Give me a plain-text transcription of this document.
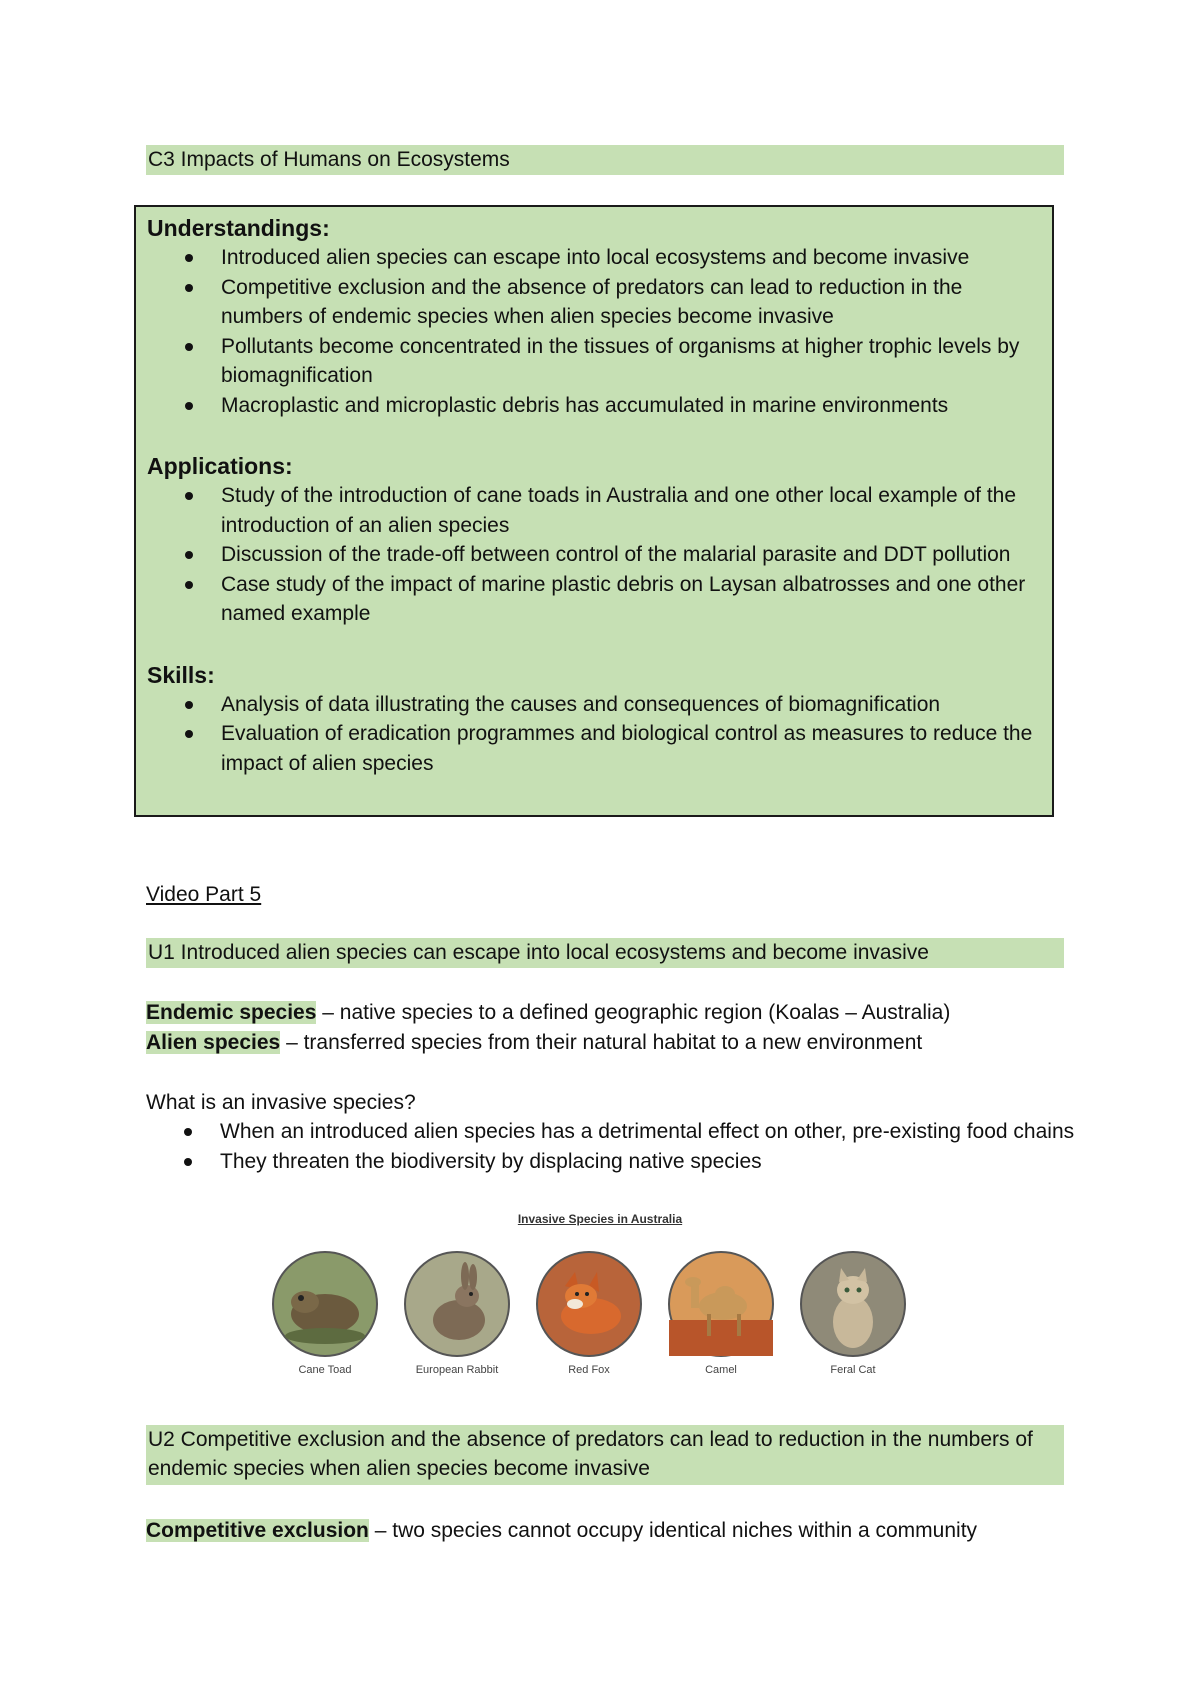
C3 Impacts of Humans on Ecosystems

Understandings:

Introduced alien species can escape into local ecosystems and become invasive
Competitive exclusion and the absence of predators can lead to reduction in the numbers of endemic species when alien species become invasive
Pollutants become concentrated in the tissues of organisms at higher trophic levels by biomagnification
Macroplastic and microplastic debris has accumulated in marine environments

Applications:

Study of the introduction of cane toads in Australia and one other local example of the introduction of an alien species
Discussion of the trade-off between control of the malarial parasite and DDT pollution
Case study of the impact of marine plastic debris on Laysan albatrosses and one other named example

Skills:

Analysis of data illustrating the causes and consequences of biomagnification
Evaluation of eradication programmes and biological control as measures to reduce the impact of alien species
Video Part 5
U1 Introduced alien species can escape into local ecosystems and become invasive
Endemic species – native species to a defined geographic region (Koalas – Australia)
Alien species – transferred species from their natural habitat to a new environment
What is an invasive species?
When an introduced alien species has a detrimental effect on other, pre-existing food chains
They threaten the biodiversity by displacing native species
Invasive Species in Australia
Cane Toad	European Rabbit	Red Fox	Camel	Feral Cat
U2 Competitive exclusion and the absence of predators can lead to reduction in the numbers of endemic species when alien species become invasive
Competitive exclusion – two species cannot occupy identical niches within a community
